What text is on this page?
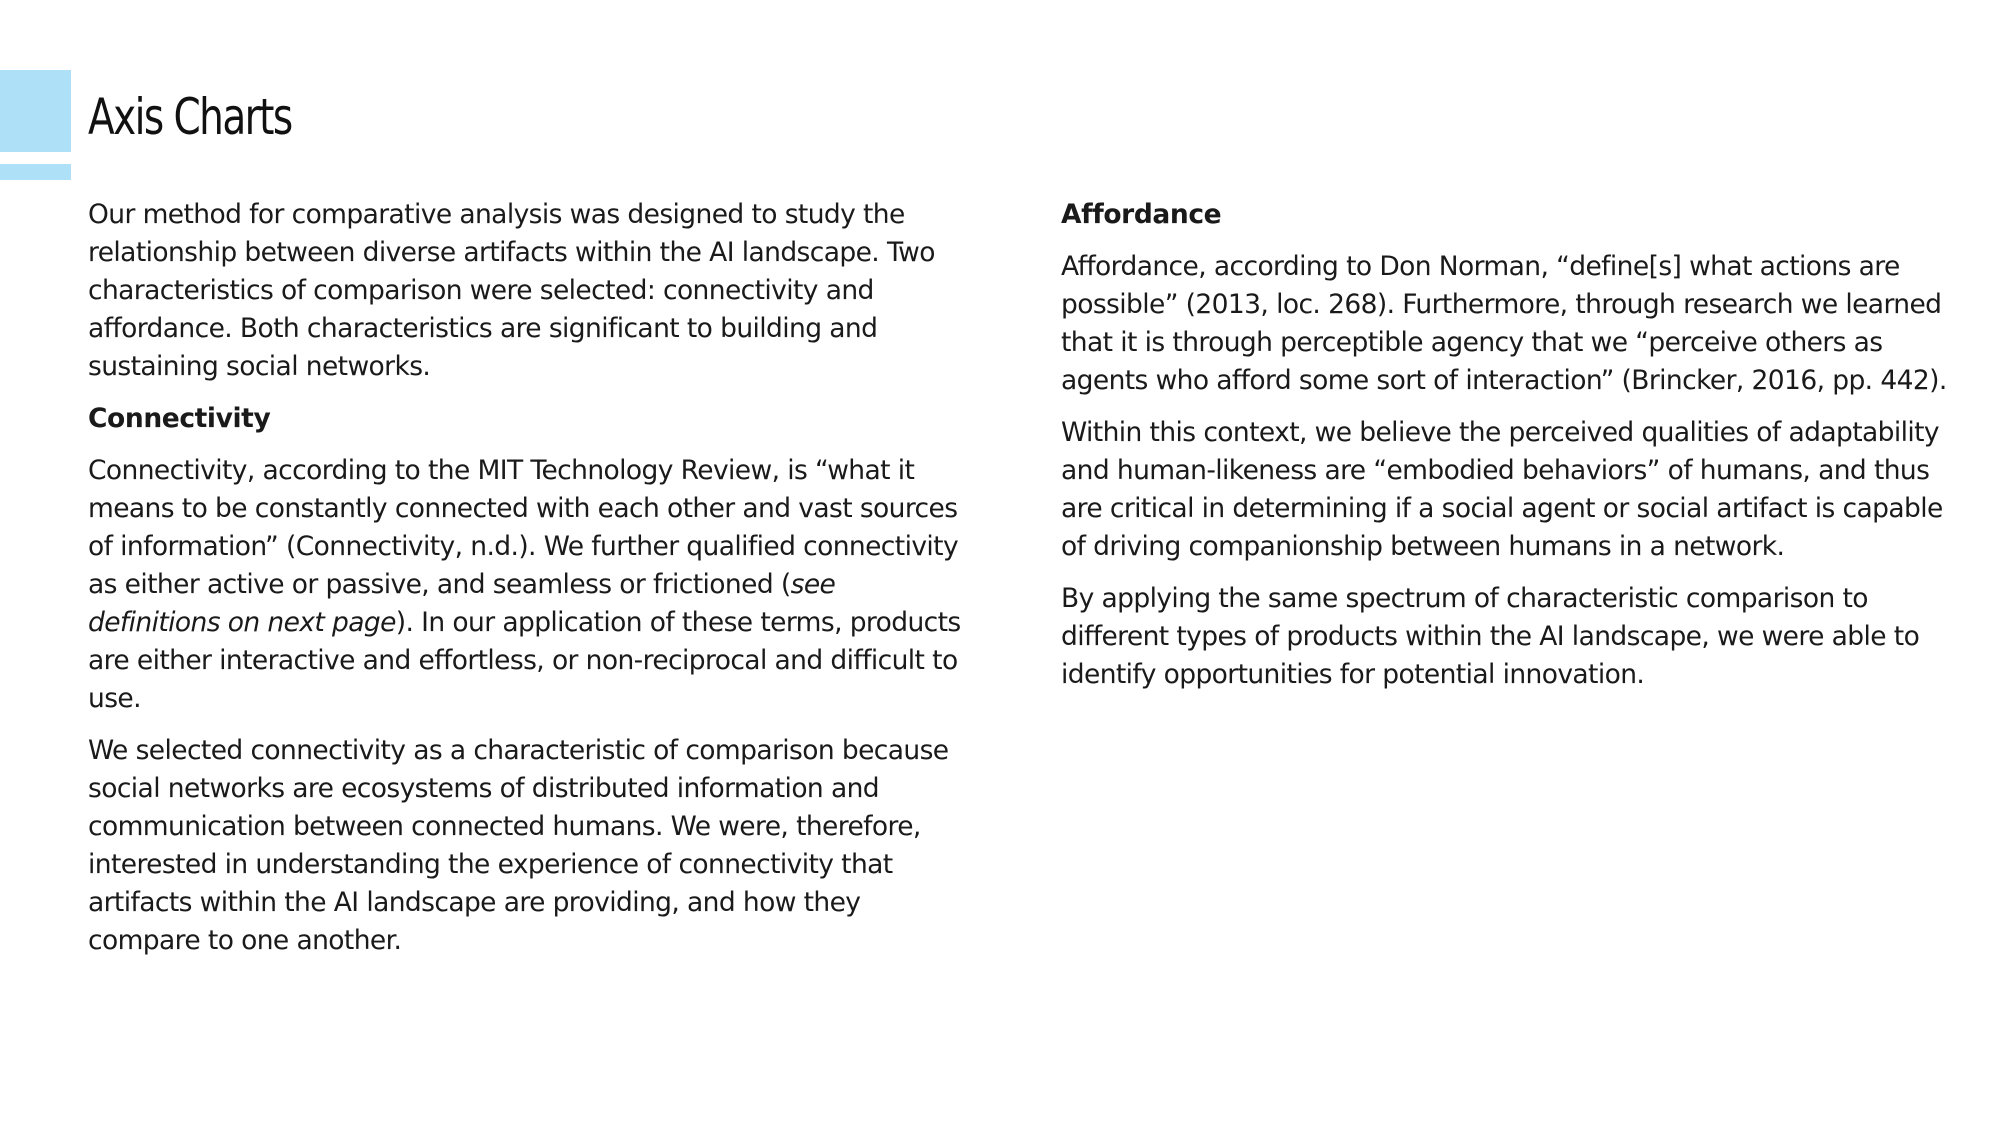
Axis Charts

Our method for comparative analysis was designed to study the relationship between diverse artifacts within the AI landscape. Two characteristics of comparison were selected: connectivity and affordance. Both characteristics are significant to building and sustaining social networks.

Connectivity

Connectivity, according to the MIT Technology Review, is “what it means to be constantly connected with each other and vast sources of information” (Connectivity, n.d.). We further qualified connectivity as either active or passive, and seamless or frictioned (see definitions on next page). In our application of these terms, products are either interactive and effortless, or non-reciprocal and difficult to use.

We selected connectivity as a characteristic of comparison because social networks are ecosystems of distributed information and communication between connected humans. We were, therefore, interested in understanding the experience of connectivity that artifacts within the AI landscape are providing, and how they compare to one another.

Affordance

Affordance, according to Don Norman, “define[s] what actions are possible” (2013, loc. 268). Furthermore, through research we learned that it is through perceptible agency that we “perceive others as agents who afford some sort of interaction” (Brincker, 2016, pp. 442).

Within this context, we believe the perceived qualities of adaptability and human-likeness are “embodied behaviors” of humans, and thus are critical in determining if a social agent or social artifact is capable of driving companionship between humans in a network.

By applying the same spectrum of characteristic comparison to different types of products within the AI landscape, we were able to identify opportunities for potential innovation.
